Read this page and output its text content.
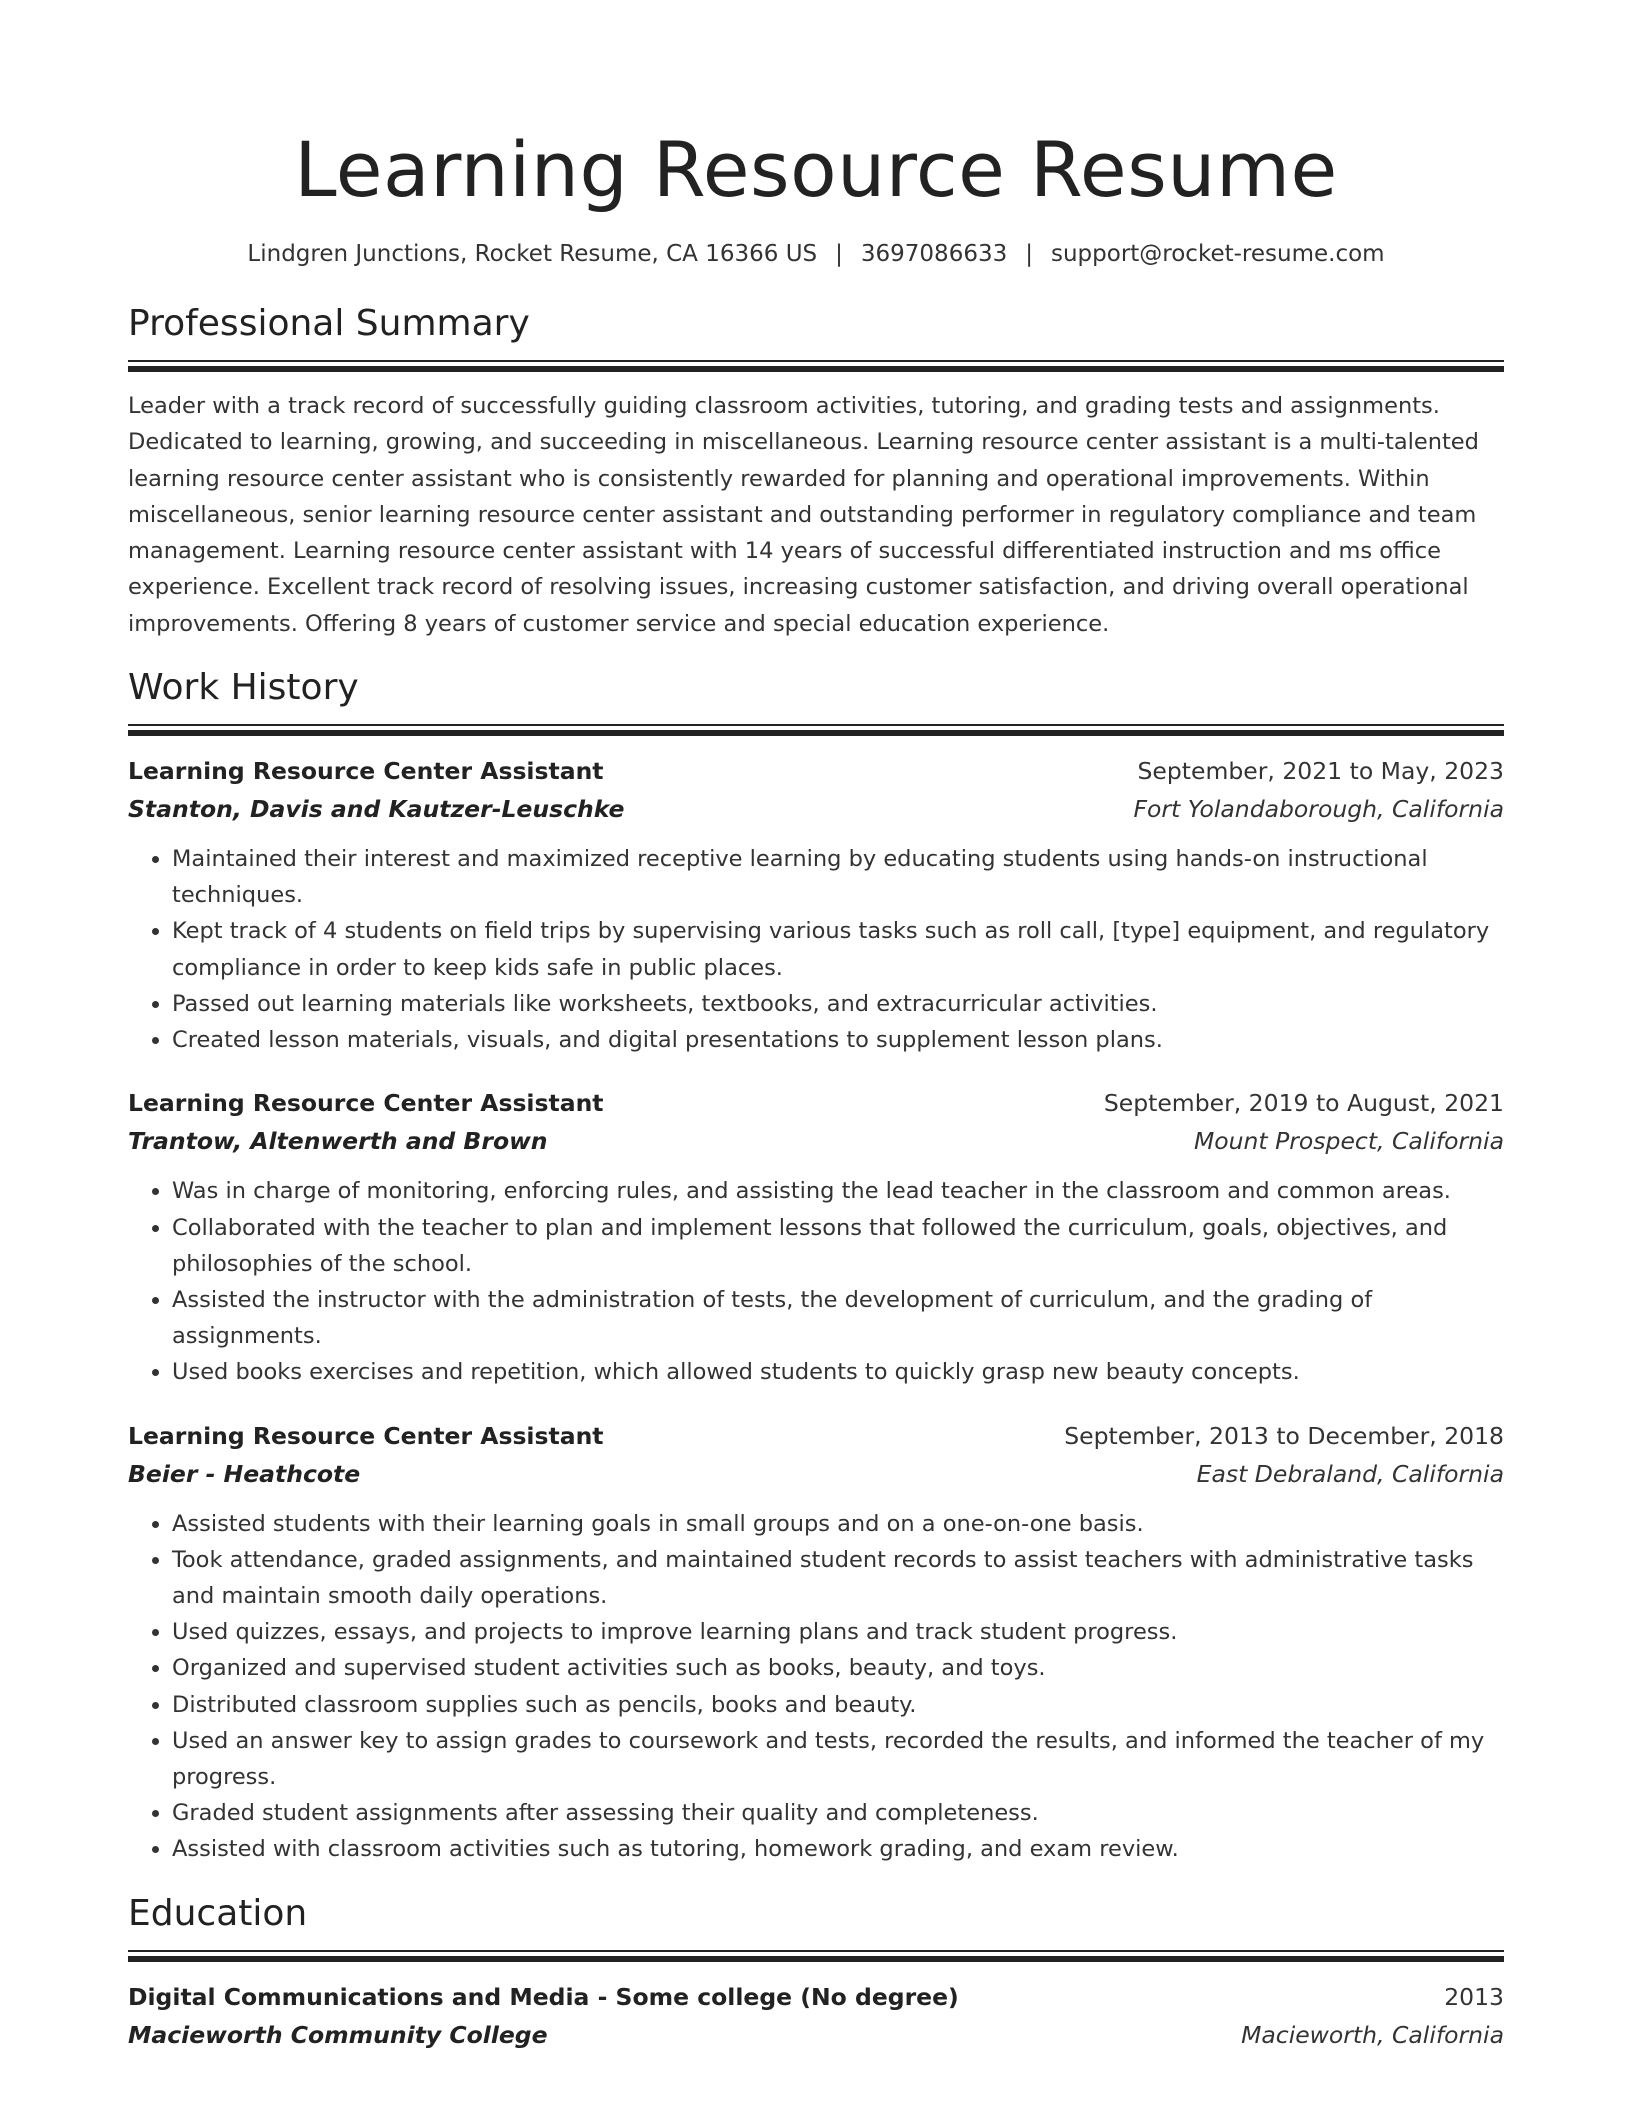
Learning Resource Resume
Lindgren Junctions, Rocket Resume, CA 16366 US | 3697086633 | support@rocket-resume.com
Professional Summary
Leader with a track record of successfully guiding classroom activities, tutoring, and grading tests and assignments. Dedicated to learning, growing, and succeeding in miscellaneous. Learning resource center assistant is a multi-talented learning resource center assistant who is consistently rewarded for planning and operational improvements. Within miscellaneous, senior learning resource center assistant and outstanding performer in regulatory compliance and team management. Learning resource center assistant with 14 years of successful differentiated instruction and ms office experience. Excellent track record of resolving issues, increasing customer satisfaction, and driving overall operational improvements. Offering 8 years of customer service and special education experience.
Work History
Learning Resource Center Assistant	September, 2021 to May, 2023
Stanton, Davis and Kautzer-Leuschke	Fort Yolandaborough, California
• Maintained their interest and maximized receptive learning by educating students using hands-on instructional techniques.
• Kept track of 4 students on field trips by supervising various tasks such as roll call, [type] equipment, and regulatory compliance in order to keep kids safe in public places.
• Passed out learning materials like worksheets, textbooks, and extracurricular activities.
• Created lesson materials, visuals, and digital presentations to supplement lesson plans.
Learning Resource Center Assistant	September, 2019 to August, 2021
Trantow, Altenwerth and Brown	Mount Prospect, California
• Was in charge of monitoring, enforcing rules, and assisting the lead teacher in the classroom and common areas.
• Collaborated with the teacher to plan and implement lessons that followed the curriculum, goals, objectives, and philosophies of the school.
• Assisted the instructor with the administration of tests, the development of curriculum, and the grading of assignments.
• Used books exercises and repetition, which allowed students to quickly grasp new beauty concepts.
Learning Resource Center Assistant	September, 2013 to December, 2018
Beier - Heathcote	East Debraland, California
• Assisted students with their learning goals in small groups and on a one-on-one basis.
• Took attendance, graded assignments, and maintained student records to assist teachers with administrative tasks and maintain smooth daily operations.
• Used quizzes, essays, and projects to improve learning plans and track student progress.
• Organized and supervised student activities such as books, beauty, and toys.
• Distributed classroom supplies such as pencils, books and beauty.
• Used an answer key to assign grades to coursework and tests, recorded the results, and informed the teacher of my progress.
• Graded student assignments after assessing their quality and completeness.
• Assisted with classroom activities such as tutoring, homework grading, and exam review.
Education
Digital Communications and Media - Some college (No degree)	2013
Macieworth Community College	Macieworth, California
